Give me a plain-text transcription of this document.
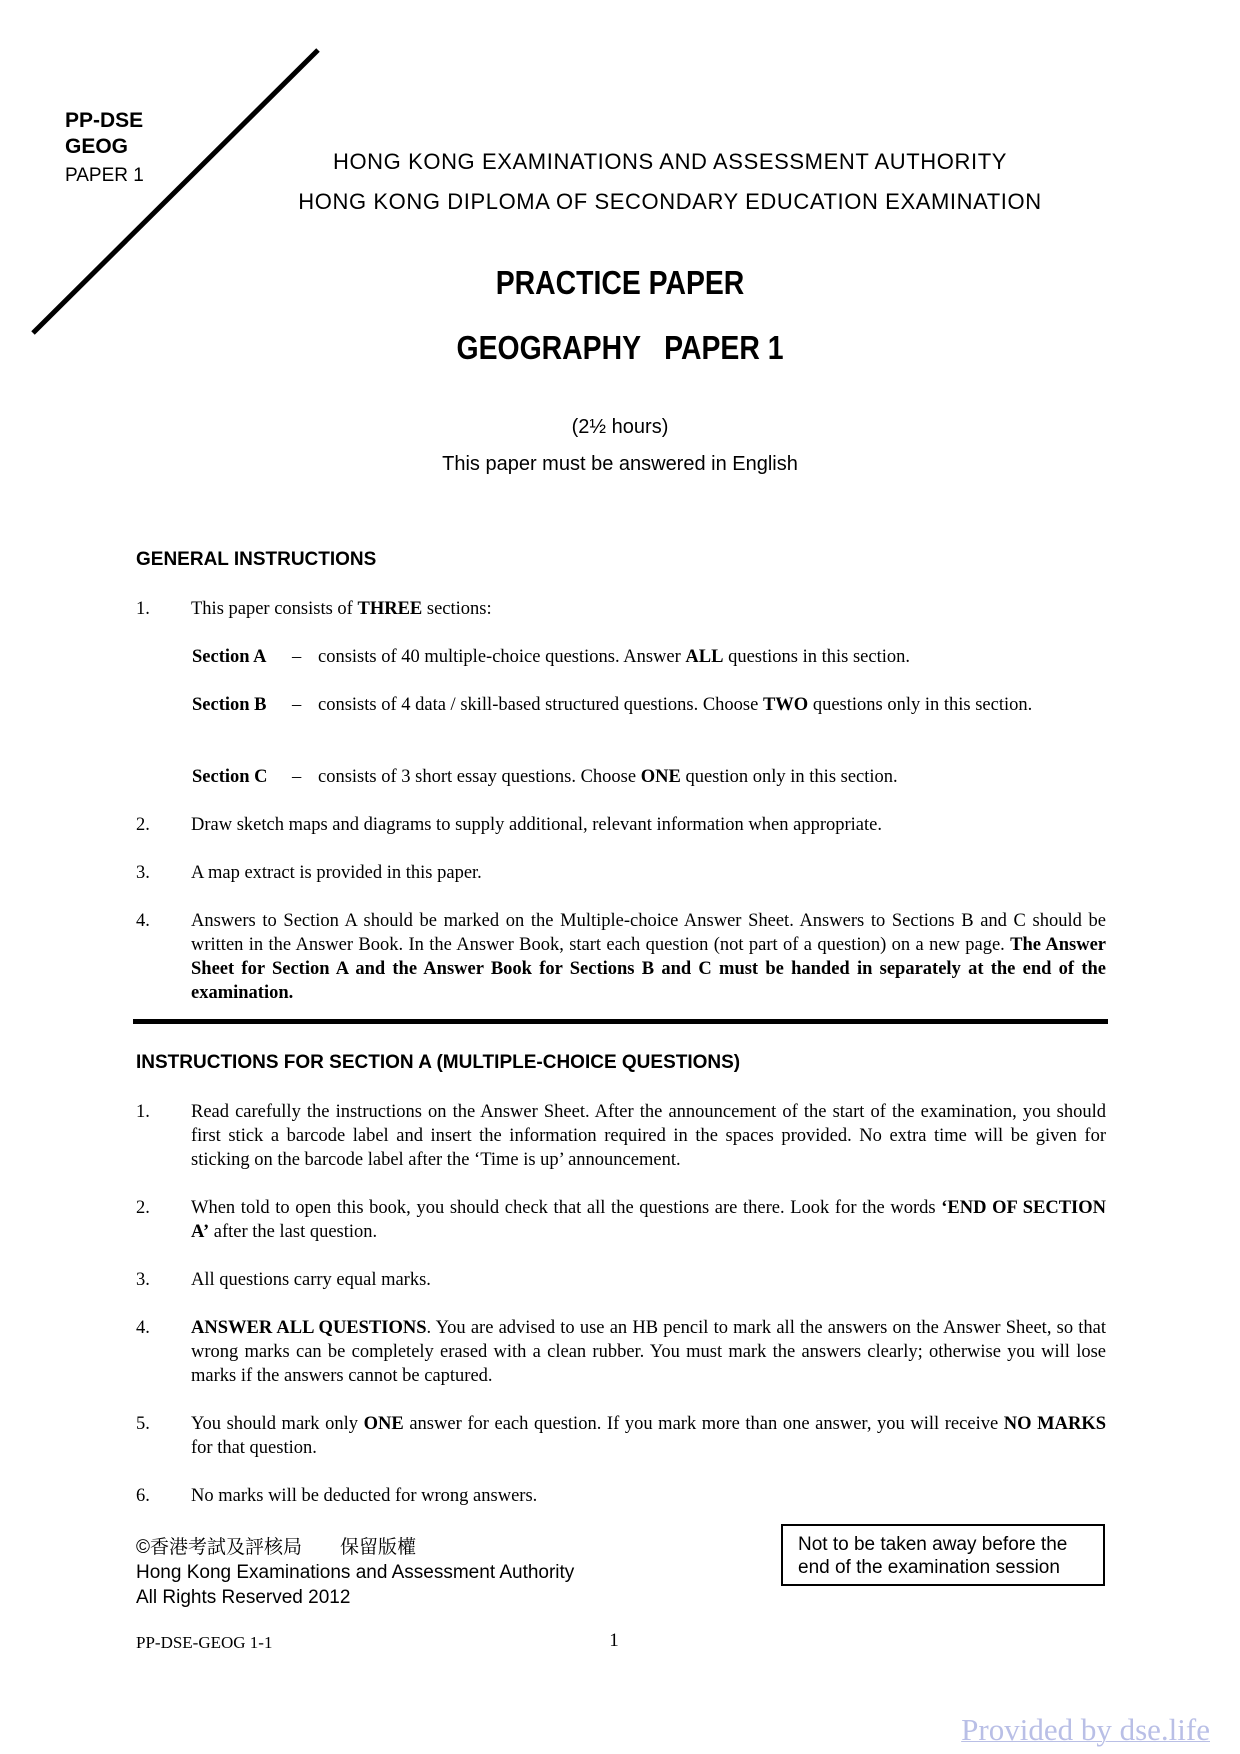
PP-DSE
GEOG
PAPER 1
HONG KONG EXAMINATIONS AND ASSESSMENT AUTHORITY
HONG KONG DIPLOMA OF SECONDARY EDUCATION EXAMINATION
PRACTICE PAPER
GEOGRAPHY   PAPER 1
(2½ hours)
This paper must be answered in English
GENERAL INSTRUCTIONS
1.	This paper consists of THREE sections:
Section A – consists of 40 multiple-choice questions. Answer ALL questions in this section.
Section B – consists of 4 data / skill-based structured questions. Choose TWO questions only in this section.
Section C – consists of 3 short essay questions. Choose ONE question only in this section.
2.	Draw sketch maps and diagrams to supply additional, relevant information when appropriate.
3.	A map extract is provided in this paper.
4.	Answers to Section A should be marked on the Multiple-choice Answer Sheet. Answers to Sections B and C should be written in the Answer Book. In the Answer Book, start each question (not part of a question) on a new page. The Answer Sheet for Section A and the Answer Book for Sections B and C must be handed in separately at the end of the examination.
INSTRUCTIONS FOR SECTION A (MULTIPLE-CHOICE QUESTIONS)
1.	Read carefully the instructions on the Answer Sheet. After the announcement of the start of the examination, you should first stick a barcode label and insert the information required in the spaces provided. No extra time will be given for sticking on the barcode label after the ‘Time is up’ announcement.
2.	When told to open this book, you should check that all the questions are there. Look for the words ‘END OF SECTION A’ after the last question.
3.	All questions carry equal marks.
4.	ANSWER ALL QUESTIONS. You are advised to use an HB pencil to mark all the answers on the Answer Sheet, so that wrong marks can be completely erased with a clean rubber. You must mark the answers clearly; otherwise you will lose marks if the answers cannot be captured.
5.	You should mark only ONE answer for each question. If you mark more than one answer, you will receive NO MARKS for that question.
6.	No marks will be deducted for wrong answers.
©香港考試及評核局　　保留版權
Hong Kong Examinations and Assessment Authority
All Rights Reserved 2012
Not to be taken away before the end of the examination session
PP-DSE-GEOG 1-1	1
Provided by dse.life
